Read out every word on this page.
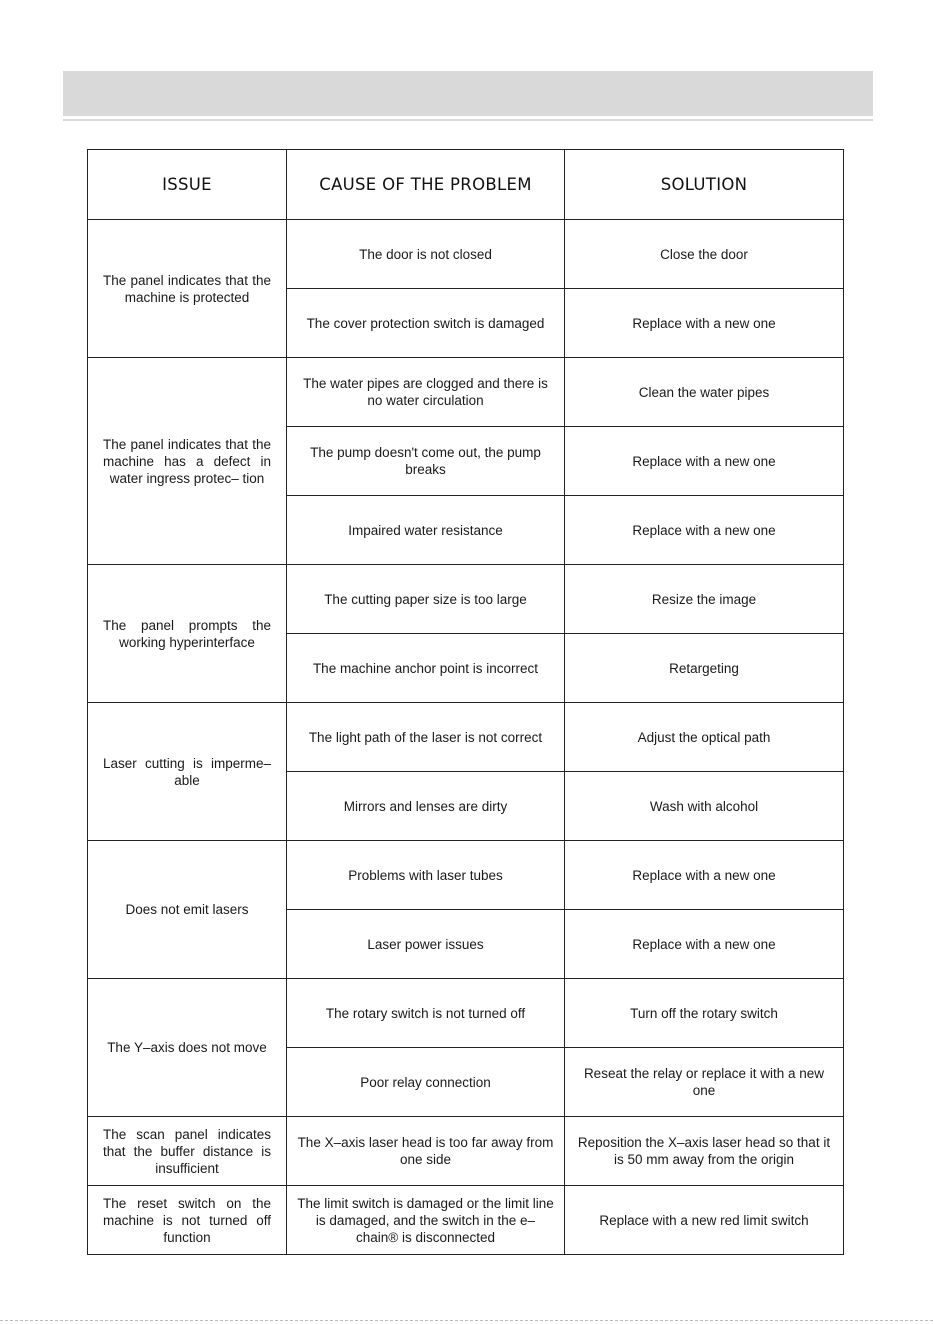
ISSUE	CAUSE OF THE PROBLEM	SOLUTION
The panel indicates that the machine is protected	The door is not closed	Close the door
	The cover protection switch is damaged	Replace with a new one
The panel indicates that the machine has a defect in water ingress protec– tion	The water pipes are clogged and there is no water circulation	Clean the water pipes
	The pump doesn't come out, the pump breaks	Replace with a new one
	Impaired water resistance	Replace with a new one
The panel prompts the working hyperinterface	The cutting paper size is too large	Resize the image
	The machine anchor point is incorrect	Retargeting
Laser cutting is imperme– able	The light path of the laser is not correct	Adjust the optical path
	Mirrors and lenses are dirty	Wash with alcohol
Does not emit lasers	Problems with laser tubes	Replace with a new one
	Laser power issues	Replace with a new one
The Y–axis does not move	The rotary switch is not turned off	Turn off the rotary switch
	Poor relay connection	Reseat the relay or replace it with a new one
The scan panel indicates that the buffer distance is insufficient	The X–axis laser head is too far away from one side	Reposition the X–axis laser head so that it is 50 mm away from the origin
The reset switch on the machine is not turned off function	The limit switch is damaged or the limit line is damaged, and the switch in the e–chain® is disconnected	Replace with a new red limit switch
